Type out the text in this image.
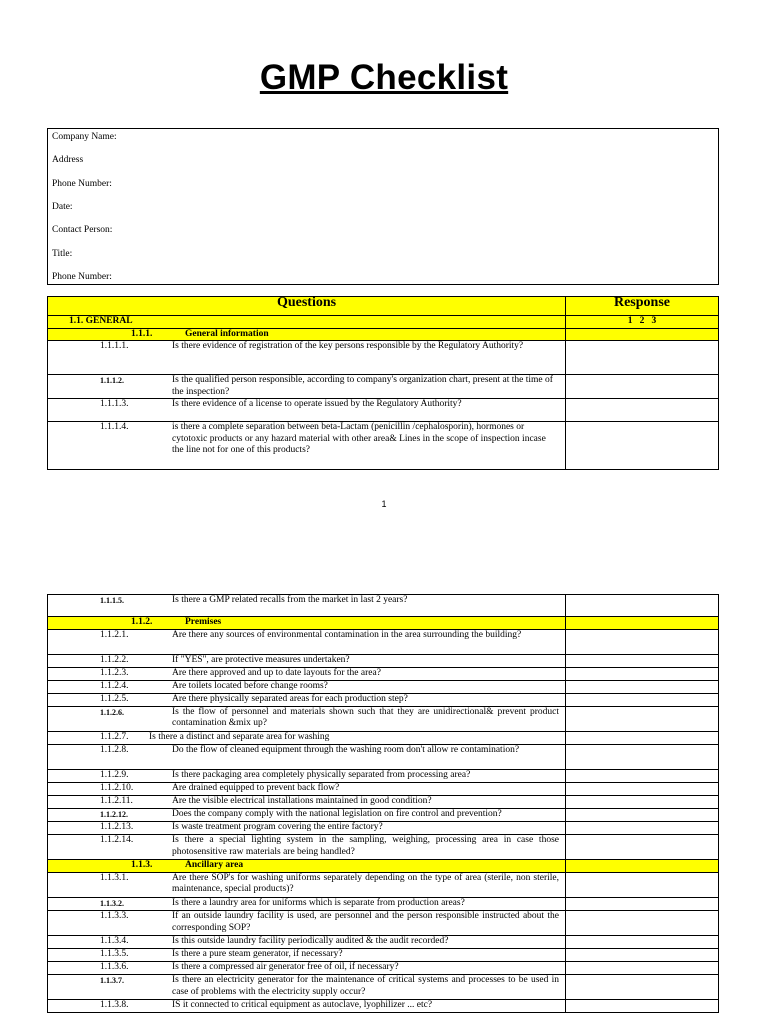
GMP Checklist
Company Name:
Address
Phone Number:
Date:
Contact Person:
Title:
Phone Number:
Questions	Response
1.1. GENERAL	1   2   3
1.1.1. General information	
1.1.1.1. Is there evidence of registration of the key persons responsible by the Regulatory Authority?	
1.1.1.2. Is the qualified person responsible, according to company's organization chart, present at the time of the inspection?	
1.1.1.3. Is there evidence of a license to operate issued by the Regulatory Authority?	
1.1.1.4. is there a complete separation between beta-Lactam (penicillin /cephalosporin), hormones or cytotoxic products or any hazard material with other area& Lines in the scope of inspection incase the line not for one of this products?	
1
1.1.1.5. Is there a GMP related recalls from the market in last 2 years?	
1.1.2. Premises	
1.1.2.1. Are there any sources of environmental contamination in the area surrounding the building?	
1.1.2.2. If "YES", are protective measures undertaken?	
1.1.2.3. Are there approved and up to date layouts for the area?	
1.1.2.4. Are toilets located before change rooms?	
1.1.2.5. Are there physically separated areas for each production step?	
1.1.2.6. Is the flow of personnel and materials shown such that they are unidirectional& prevent product contamination &mix up?	
1.1.2.7. Is there a distinct and separate area for washing	
1.1.2.8. Do the flow of cleaned equipment through the washing room don't allow re contamination?	
1.1.2.9. Is there packaging area completely physically separated from processing area?	
1.1.2.10. Are drained equipped to prevent back flow?	
1.1.2.11. Are the visible electrical installations maintained in good condition?	
1.1.2.12. Does the company comply with the national legislation on fire control and prevention?	
1.1.2.13. Is waste treatment program covering the entire factory?	
1.1.2.14. Is there a special lighting system in the sampling, weighing, processing area in case those photosensitive raw materials are being handled?	
1.1.3. Ancillary area	
1.1.3.1. Are there SOP's for washing uniforms separately depending on the type of area (sterile, non sterile, maintenance, special products)?	
1.1.3.2. Is there a laundry area for uniforms which is separate from production areas?	
1.1.3.3. If an outside laundry facility is used, are personnel and the person responsible instructed about the corresponding SOP?	
1.1.3.4. Is this outside laundry facility periodically audited & the audit recorded?	
1.1.3.5. Is there a pure steam generator, if necessary?	
1.1.3.6. Is there a compressed air generator free of oil, if necessary?	
1.1.3.7. Is there an electricity generator for the maintenance of critical systems and processes to be used in case of problems with the electricity supply occur?	
1.1.3.8. IS it connected to critical equipment as autoclave, lyophilizer ... etc?	
